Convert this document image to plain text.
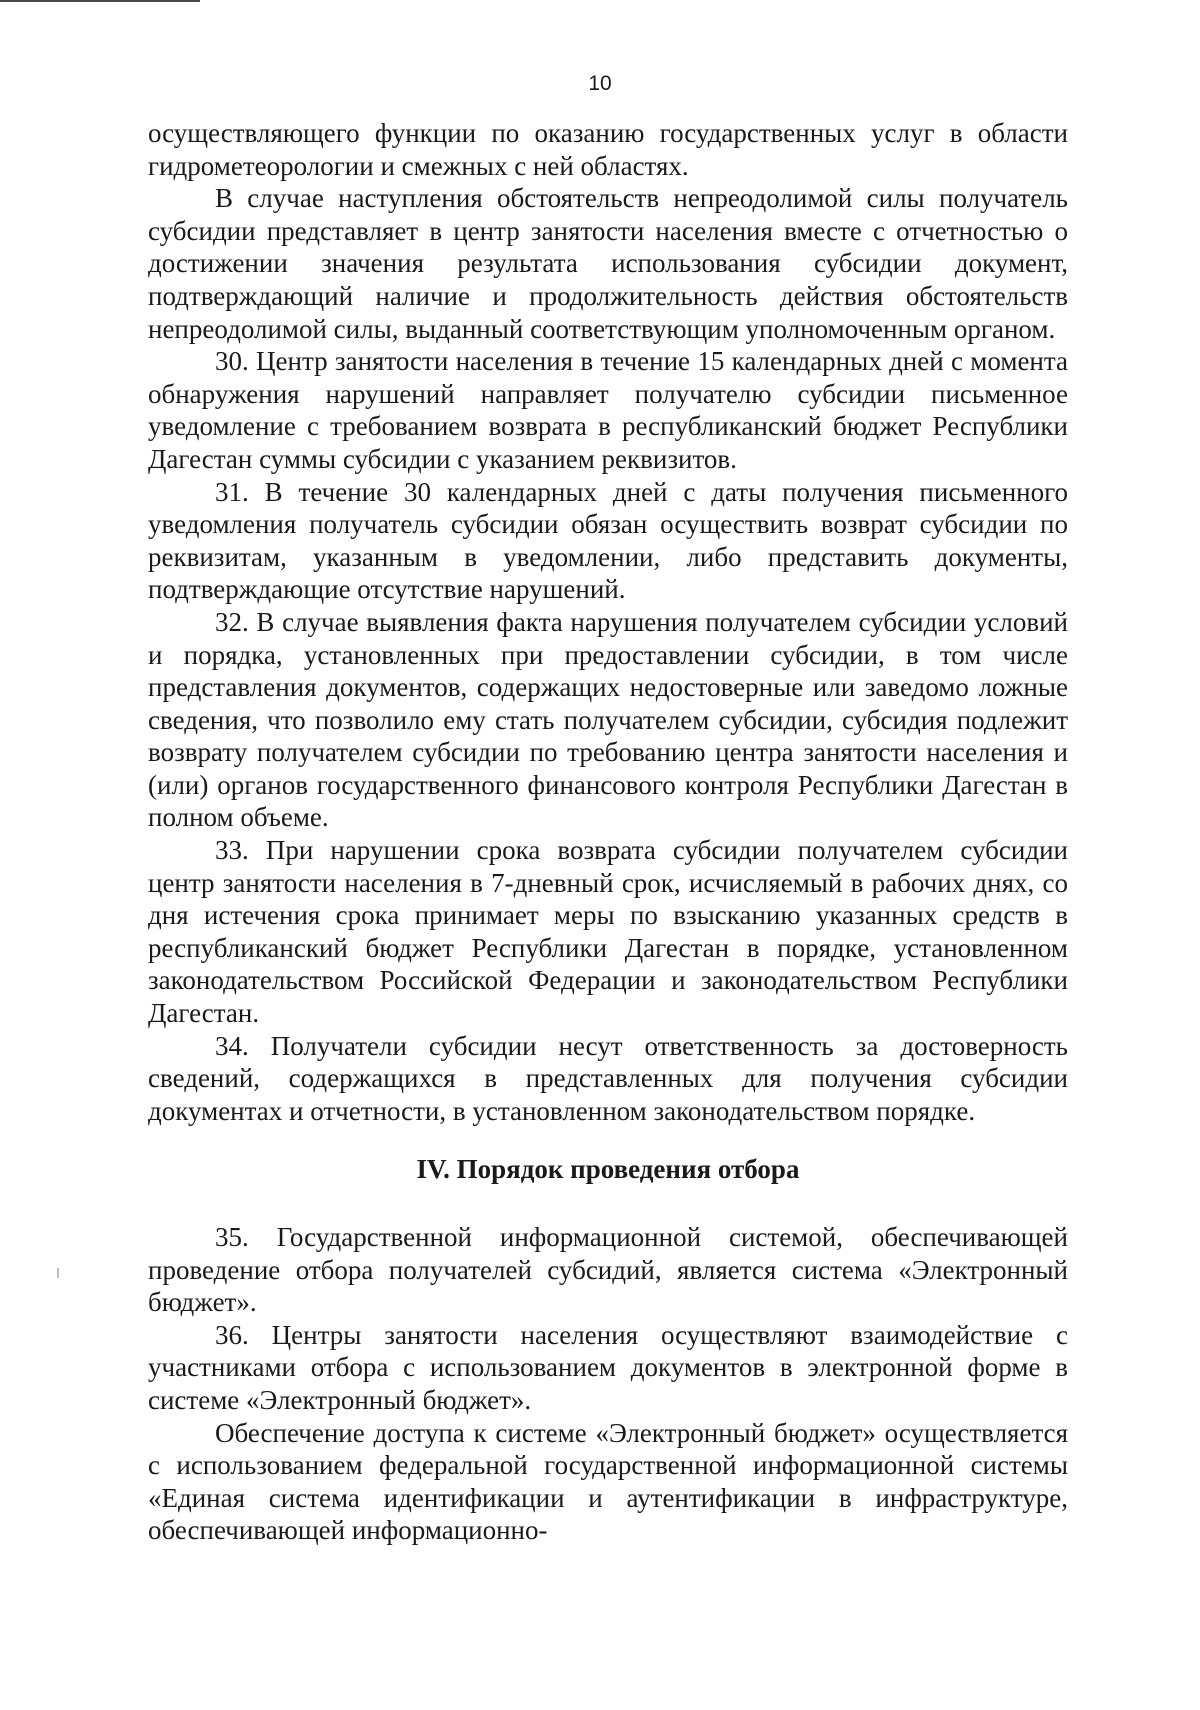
10

осуществляющего функции по оказанию государственных услуг в области гидрометеорологии и смежных с ней областях.

В случае наступления обстоятельств непреодолимой силы получатель субсидии представляет в центр занятости населения вместе с отчетностью о достижении значения результата использования субсидии документ, подтверждающий наличие и продолжительность действия обстоятельств непреодолимой силы, выданный соответствующим уполномоченным органом.

30. Центр занятости населения в течение 15 календарных дней с момента обнаружения нарушений направляет получателю субсидии письменное уведомление с требованием возврата в республиканский бюджет Республики Дагестан суммы субсидии с указанием реквизитов.

31. В течение 30 календарных дней с даты получения письменного уведомления получатель субсидии обязан осуществить возврат субсидии по реквизитам, указанным в уведомлении, либо представить документы, подтверждающие отсутствие нарушений.

32. В случае выявления факта нарушения получателем субсидии условий и порядка, установленных при предоставлении субсидии, в том числе представления документов, содержащих недостоверные или заведомо ложные сведения, что позволило ему стать получателем субсидии, субсидия подлежит возврату получателем субсидии по требованию центра занятости населения и (или) органов государственного финансового контроля Республики Дагестан в полном объеме.

33. При нарушении срока возврата субсидии получателем субсидии центр занятости населения в 7-дневный срок, исчисляемый в рабочих днях, со дня истечения срока принимает меры по взысканию указанных средств в республиканский бюджет Республики Дагестан в порядке, установленном законодательством Российской Федерации и законодательством Республики Дагестан.

34. Получатели субсидии несут ответственность за достоверность сведений, содержащихся в представленных для получения субсидии документах и отчетности, в установленном законодательством порядке.

IV. Порядок проведения отбора

35. Государственной информационной системой, обеспечивающей проведение отбора получателей субсидий, является система «Электронный бюджет».

36. Центры занятости населения осуществляют взаимодействие с участниками отбора с использованием документов в электронной форме в системе «Электронный бюджет».

Обеспечение доступа к системе «Электронный бюджет» осуществляется с использованием федеральной государственной информационной системы «Единая система идентификации и аутентификации в инфраструктуре, обеспечивающей информационно-
